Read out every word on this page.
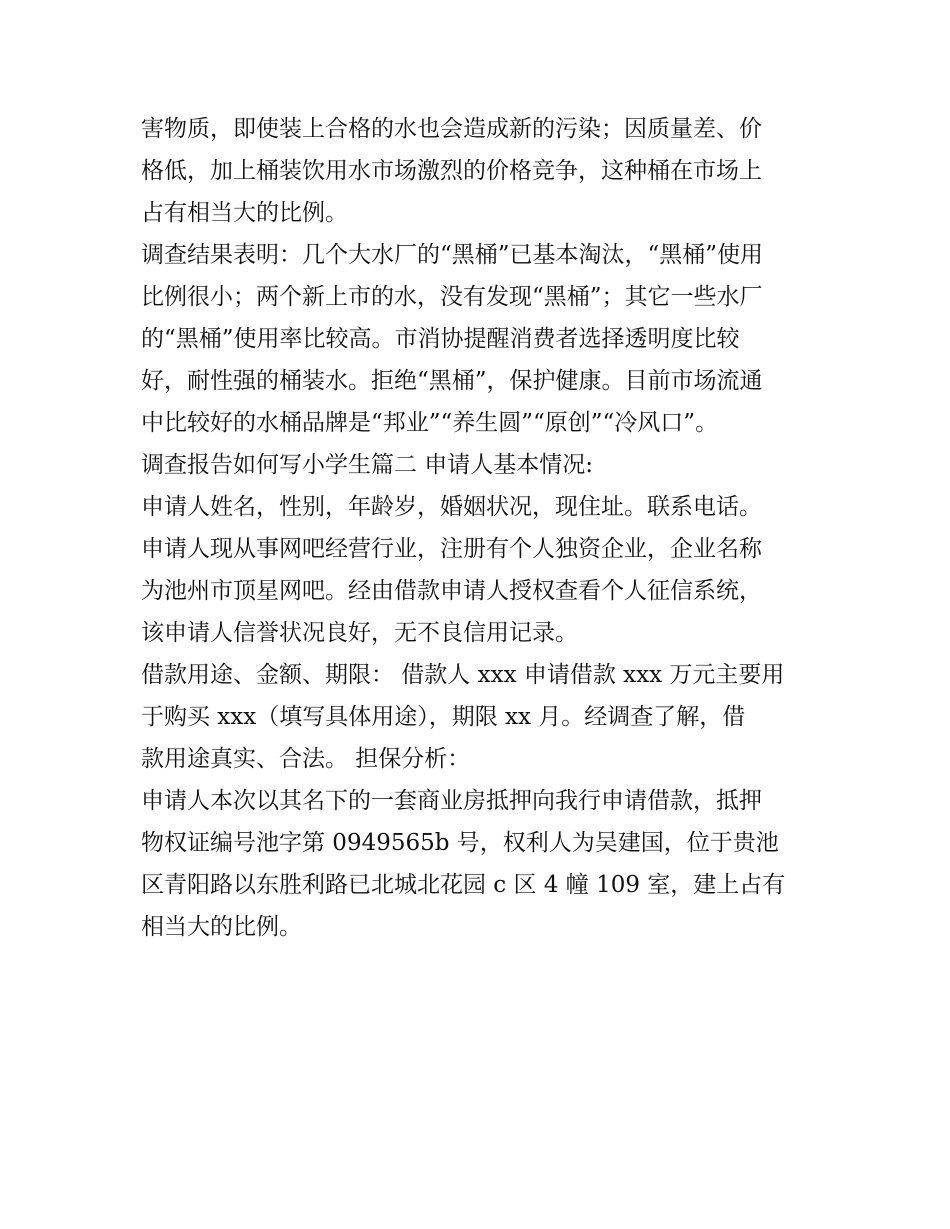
害物质，即使装上合格的水也会造成新的污染；因质量差、价

格低，加上桶装饮用水市场激烈的价格竞争，这种桶在市场上

占有相当大的比例。

调查结果表明：几个大水厂的“黑桶”已基本淘汰，“黑桶”使用

比例很小；两个新上市的水，没有发现“黑桶”；其它一些水厂

的“黑桶”使用率比较高。市消协提醒消费者选择透明度比较

好，耐性强的桶装水。拒绝“黑桶”，保护健康。目前市场流通

中比较好的水桶品牌是“邦业”“养生圆”“原创”“冷风口”。

调查报告如何写小学生篇二 申请人基本情况:

申请人姓名，性别，年龄岁，婚姻状况，现住址。联系电话。

申请人现从事网吧经营行业，注册有个人独资企业，企业名称

为池州市顶星网吧。经由借款申请人授权查看个人征信系统，

该申请人信誉状况良好，无不良信用记录。

借款用途、金额、期限： 借款人 xxx 申请借款 xxx 万元主要用

于购买 xxx（填写具体用途），期限 xx 月。经调查了解，借

款用途真实、合法。 担保分析：

申请人本次以其名下的一套商业房抵押向我行申请借款，抵押

物权证编号池字第 0949565b 号，权利人为吴建国，位于贵池

区青阳路以东胜利路已北城北花园 c 区 4 幢 109 室，建上占有

相当大的比例。
